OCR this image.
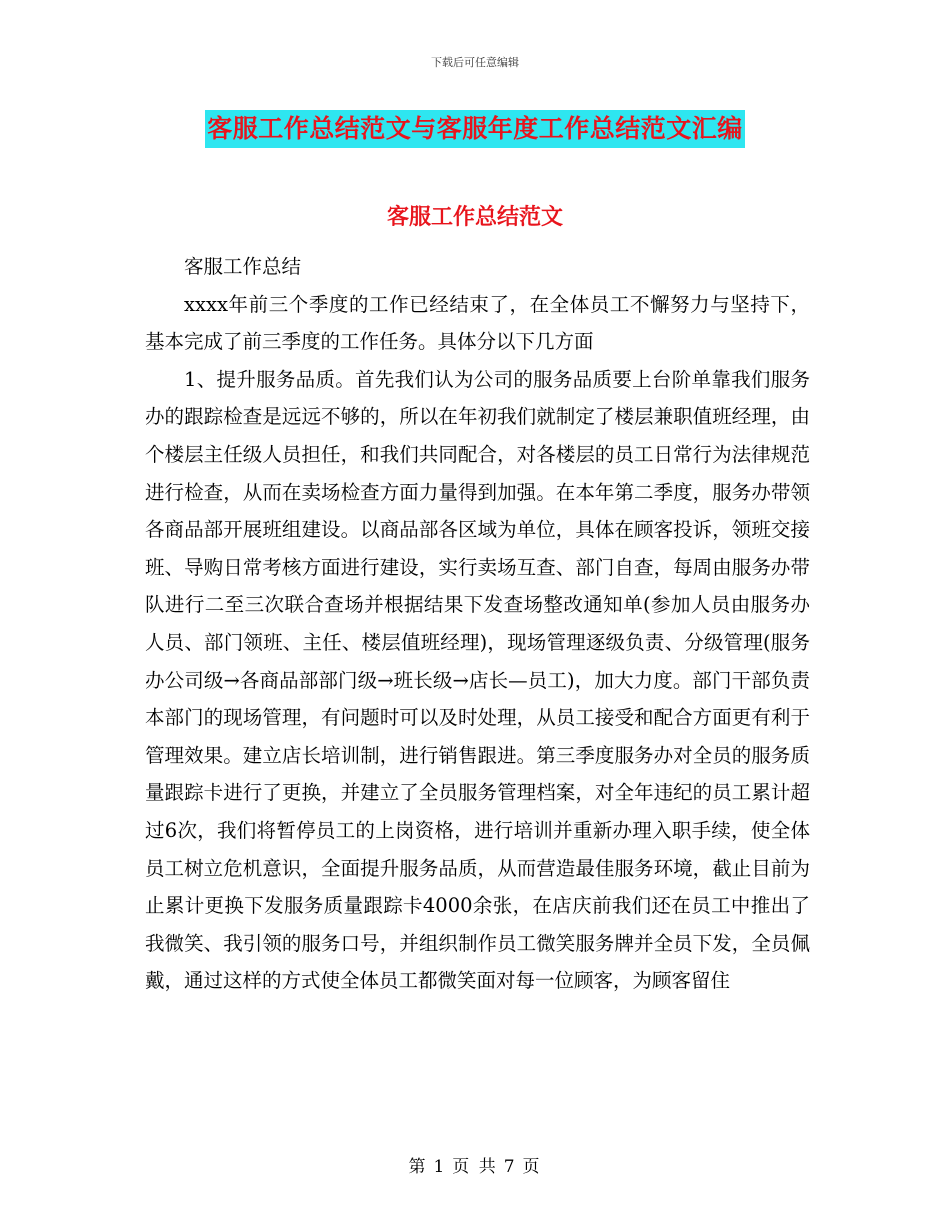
下载后可任意编辑
客服工作总结范文与客服年度工作总结范文汇编
客服工作总结范文

客服工作总结

xxxx年前三个季度的工作已经结束了，在全体员工不懈努力与坚持下，基本完成了前三季度的工作任务。具体分以下几方面

1、提升服务品质。首先我们认为公司的服务品质要上台阶单靠我们服务办的跟踪检查是远远不够的，所以在年初我们就制定了楼层兼职值班经理，由个楼层主任级人员担任，和我们共同配合，对各楼层的员工日常行为法律规范进行检查，从而在卖场检查方面力量得到加强。在本年第二季度，服务办带领各商品部开展班组建设。以商品部各区域为单位，具体在顾客投诉，领班交接班、导购日常考核方面进行建设，实行卖场互查、部门自查，每周由服务办带队进行二至三次联合查场并根据结果下发查场整改通知单(参加人员由服务办人员、部门领班、主任、楼层值班经理)，现场管理逐级负责、分级管理(服务办公司级→各商品部部门级→班长级→店长—员工)，加大力度。部门干部负责本部门的现场管理，有问题时可以及时处理，从员工接受和配合方面更有利于管理效果。建立店长培训制，进行销售跟进。第三季度服务办对全员的服务质量跟踪卡进行了更换，并建立了全员服务管理档案，对全年违纪的员工累计超过6次，我们将暂停员工的上岗资格，进行培训并重新办理入职手续，使全体员工树立危机意识，全面提升服务品质，从而营造最佳服务环境，截止目前为止累计更换下发服务质量跟踪卡4000余张，在店庆前我们还在员工中推出了我微笑、我引领的服务口号，并组织制作员工微笑服务牌并全员下发，全员佩戴，通过这样的方式使全体员工都微笑面对每一位顾客，为顾客留住

第 1 页 共 7 页
